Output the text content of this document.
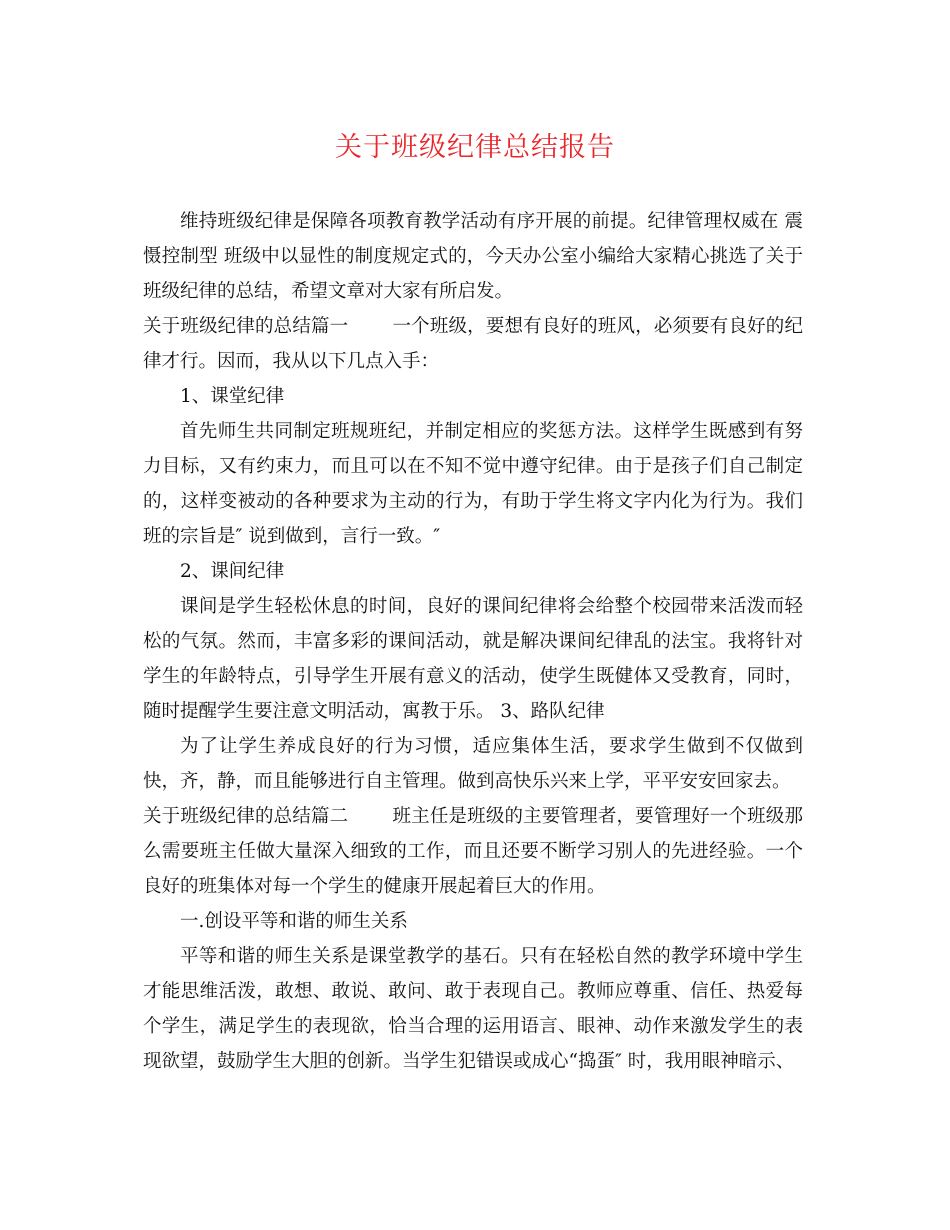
关于班级纪律总结报告

维持班级纪律是保障各项教育教学活动有序开展的前提。纪律管理权威在 震慑控制型 班级中以显性的制度规定式的，今天办公室小编给大家精心挑选了关于班级纪律的总结，希望文章对大家有所启发。

关于班级纪律的总结篇一 一个班级，要想有良好的班风，必须要有良好的纪律才行。因而，我从以下几点入手：

1、课堂纪律

首先师生共同制定班规班纪，并制定相应的奖惩方法。这样学生既感到有努力目标，又有约束力，而且可以在不知不觉中遵守纪律。由于是孩子们自己制定的，这样变被动的各种要求为主动的行为，有助于学生将文字内化为行为。我们班的宗旨是″ 说到做到，言行一致。″

2、课间纪律

课间是学生轻松休息的时间，良好的课间纪律将会给整个校园带来活泼而轻松的气氛。然而，丰富多彩的课间活动，就是解决课间纪律乱的法宝。我将针对学生的年龄特点，引导学生开展有意义的活动，使学生既健体又受教育，同时，随时提醒学生要注意文明活动，寓教于乐。 3、路队纪律

为了让学生养成良好的行为习惯，适应集体生活，要求学生做到不仅做到快，齐，静，而且能够进行自主管理。做到高快乐兴来上学，平平安安回家去。

关于班级纪律的总结篇二 班主任是班级的主要管理者，要管理好一个班级那么需要班主任做大量深入细致的工作，而且还要不断学习别人的先进经验。一个良好的班集体对每一个学生的健康开展起着巨大的作用。

一.创设平等和谐的师生关系

平等和谐的师生关系是课堂教学的基石。只有在轻松自然的教学环境中学生才能思维活泼，敢想、敢说、敢问、敢于表现自己。教师应尊重、信任、热爱每个学生，满足学生的表现欲，恰当合理的运用语言、眼神、动作来激发学生的表现欲望，鼓励学生大胆的创新。当学生犯错误或成心“捣蛋″ 时，我用眼神暗示、
